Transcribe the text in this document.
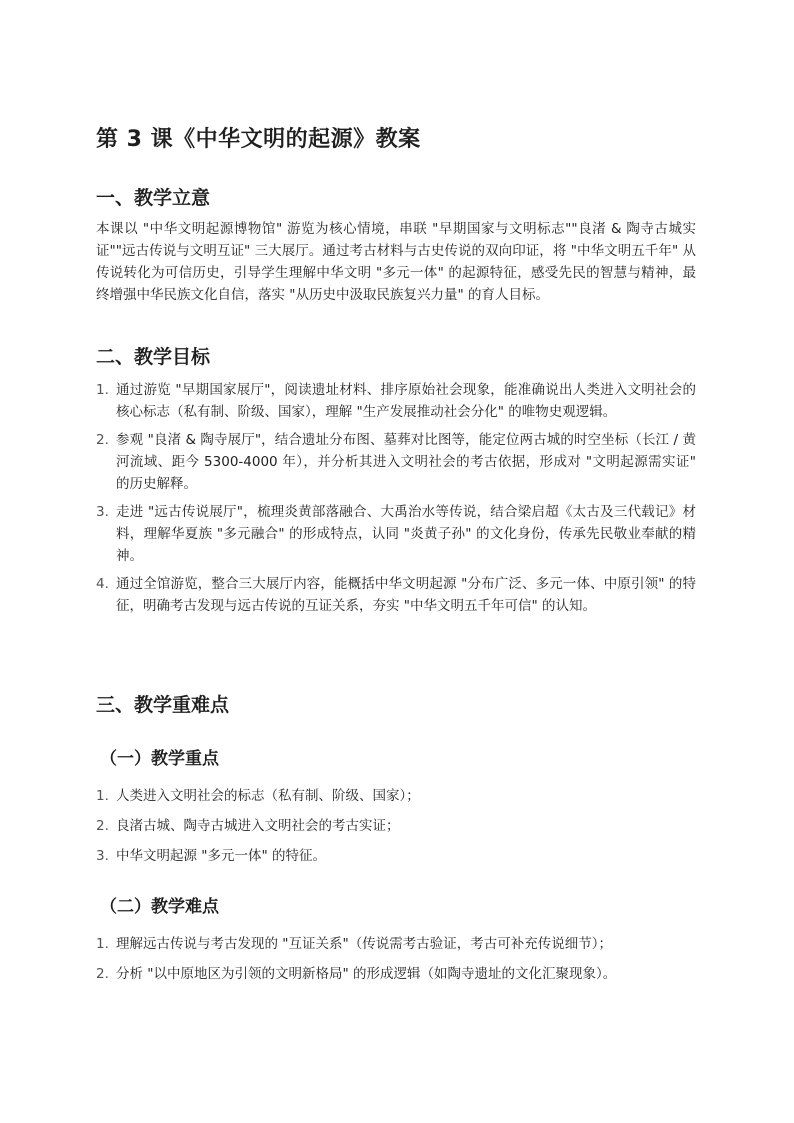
第 3 课《中华文明的起源》教案
一、教学立意

本课以 "中华文明起源博物馆" 游览为核心情境，串联 "早期国家与文明标志""良渚 & 陶寺古城实证""远古传说与文明互证" 三大展厅。通过考古材料与古史传说的双向印证，将 "中华文明五千年" 从传说转化为可信历史，引导学生理解中华文明 "多元一体" 的起源特征，感受先民的智慧与精神，最终增强中华民族文化自信，落实 "从历史中汲取民族复兴力量" 的育人目标。

二、教学目标
1. 通过游览 "早期国家展厅"，阅读遗址材料、排序原始社会现象，能准确说出人类进入文明社会的核心标志（私有制、阶级、国家），理解 "生产发展推动社会分化" 的唯物史观逻辑。
2. 参观 "良渚 & 陶寺展厅"，结合遗址分布图、墓葬对比图等，能定位两古城的时空坐标（长江 / 黄河流域、距今 5300-4000 年），并分析其进入文明社会的考古依据，形成对 "文明起源需实证" 的历史解释。
3. 走进 "远古传说展厅"，梳理炎黄部落融合、大禹治水等传说，结合梁启超《太古及三代载记》材料，理解华夏族 "多元融合" 的形成特点，认同 "炎黄子孙" 的文化身份，传承先民敬业奉献的精神。
4. 通过全馆游览，整合三大展厅内容，能概括中华文明起源 "分布广泛、多元一体、中原引领" 的特征，明确考古发现与远古传说的互证关系，夯实 "中华文明五千年可信" 的认知。
三、教学重难点
（一）教学重点
1. 人类进入文明社会的标志（私有制、阶级、国家）；
2. 良渚古城、陶寺古城进入文明社会的考古实证；
3. 中华文明起源 "多元一体" 的特征。
（二）教学难点
1. 理解远古传说与考古发现的 "互证关系"（传说需考古验证，考古可补充传说细节）；
2. 分析 "以中原地区为引领的文明新格局" 的形成逻辑（如陶寺遗址的文化汇聚现象）。
